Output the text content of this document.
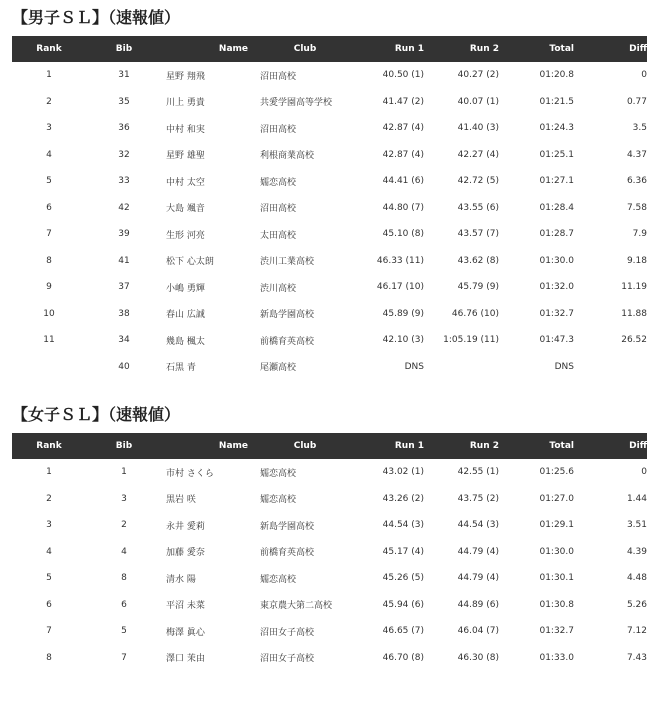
【男子ＳＬ】（速報値）
Rank	Bib	Name	Club	Run 1	Run 2	Total	Diff
1	31	星野 翔飛	沼田高校	40.50 (1)	40.27 (2)	01:20.8	0
2	35	川上 勇貴	共愛学園高等学校	41.47 (2)	40.07 (1)	01:21.5	0.77
3	36	中村 和実	沼田高校	42.87 (4)	41.40 (3)	01:24.3	3.5
4	32	星野 雄聖	利根商業高校	42.87 (4)	42.27 (4)	01:25.1	4.37
5	33	中村 太空	嬬恋高校	44.41 (6)	42.72 (5)	01:27.1	6.36
6	42	大島 颯音	沼田高校	44.80 (7)	43.55 (6)	01:28.4	7.58
7	39	生形 河亮	太田高校	45.10 (8)	43.57 (7)	01:28.7	7.9
8	41	松下 心太朗	渋川工業高校	46.33 (11)	43.62 (8)	01:30.0	9.18
9	37	小嶋 勇輝	渋川高校	46.17 (10)	45.79 (9)	01:32.0	11.19
10	38	春山 広誠	新島学園高校	45.89 (9)	46.76 (10)	01:32.7	11.88
11	34	幾島 楓太	前橋育英高校	42.10 (3)	1:05.19 (11)	01:47.3	26.52
	40	石黒 青	尾瀬高校	DNS		DNS	
【女子ＳＬ】（速報値）
Rank	Bib	Name	Club	Run 1	Run 2	Total	Diff
1	1	市村 さくら	嬬恋高校	43.02 (1)	42.55 (1)	01:25.6	0
2	3	黒岩 咲	嬬恋高校	43.26 (2)	43.75 (2)	01:27.0	1.44
3	2	永井 愛莉	新島学園高校	44.54 (3)	44.54 (3)	01:29.1	3.51
4	4	加藤 愛奈	前橋育英高校	45.17 (4)	44.79 (4)	01:30.0	4.39
5	8	清水 陽	嬬恋高校	45.26 (5)	44.79 (4)	01:30.1	4.48
6	6	平沼 未菜	東京農大第二高校	45.94 (6)	44.89 (6)	01:30.8	5.26
7	5	梅澤 眞心	沼田女子高校	46.65 (7)	46.04 (7)	01:32.7	7.12
8	7	澤口 茉由	沼田女子高校	46.70 (8)	46.30 (8)	01:33.0	7.43
